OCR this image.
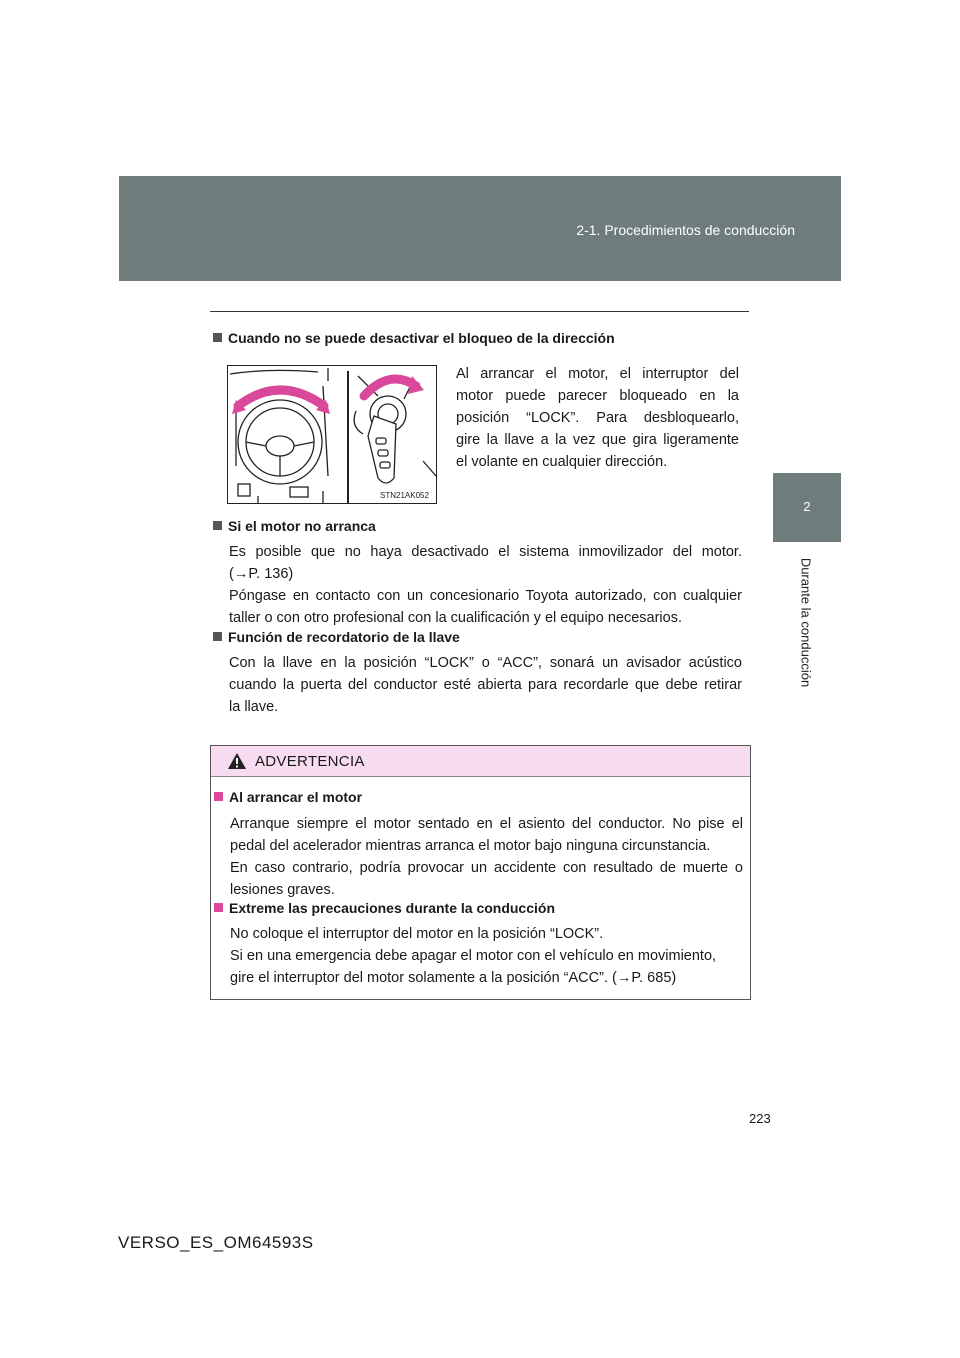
2-1. Procedimientos de conducción
2
Durante la conducción
Cuando no se puede desactivar el bloqueo de la dirección
STN21AK052
Al arrancar el motor, el interruptor del
motor puede parecer bloqueado en la
posición “LOCK”. Para desbloquearlo,
gire la llave a la vez que gira ligeramente
el volante en cualquier dirección.
Si el motor no arranca
Es posible que no haya desactivado el sistema inmovilizador del motor.
(→P. 136)
Póngase en contacto con un concesionario Toyota autorizado, con cualquier
taller o con otro profesional con la cualificación y el equipo necesarios.
Función de recordatorio de la llave
Con la llave en la posición “LOCK” o “ACC”, sonará un avisador acústico
cuando la puerta del conductor esté abierta para recordarle que debe retirar
la llave.
ADVERTENCIA
Al arrancar el motor
Arranque siempre el motor sentado en el asiento del conductor. No pise el
pedal del acelerador mientras arranca el motor bajo ninguna circunstancia.
En caso contrario, podría provocar un accidente con resultado de muerte o
lesiones graves.
Extreme las precauciones durante la conducción
No coloque el interruptor del motor en la posición “LOCK”.
Si en una emergencia debe apagar el motor con el vehículo en movimiento,
gire el interruptor del motor solamente a la posición “ACC”. (→P. 685)
223
VERSO_ES_OM64593S
